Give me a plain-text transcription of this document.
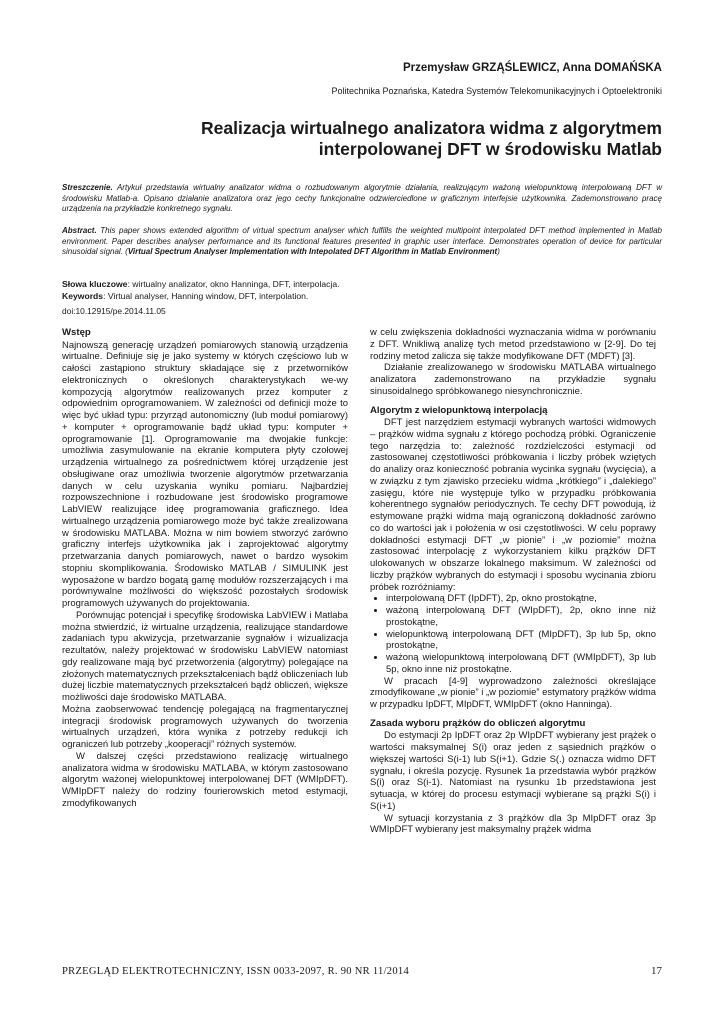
Przemysław GRZĄŚLEWICZ, Anna DOMAŃSKA
Politechnika Poznańska, Katedra Systemów Telekomunikacyjnych i Optoelektroniki
Realizacja wirtualnego analizatora widma z algorytmem interpolowanej DFT w środowisku Matlab
Streszczenie. Artykuł przedstawia wirtualny analizator widma o rozbudowanym algorytmie działania, realizującym ważoną wielopunktową interpolowaną DFT w środowisku Matlab-a. Opisano działanie analizatora oraz jego cechy funkcjonalne odzwierciedlone w graficznym interfejsie użytkownika. Zademonstrowano pracę urządzenia na przykładzie konkretnego sygnału.
Abstract. This paper shows extended algorithm of virtual spectrum analyser which fulfills the weighted multipoint interpolated DFT method implemented in Matlab environment. Paper describes analyser performance and its functional features presented in graphic user interface. Demonstrates operation of device for particular sinusoidal signal. (Virtual Spectrum Analyser Implementation with Intepolated DFT Algorithm in Matlab Environment)
Słowa kluczowe: wirtualny analizator, okno Hanninga, DFT, interpolacja.
Keywords: Virtual analyser, Hanning window, DFT, interpolation.
doi:10.12915/pe.2014.11.05
Wstęp

Najnowszą generację urządzeń pomiarowych stanowią urządzenia wirtualne. Definiuje się je jako systemy w których częściowo lub w całości zastąpiono struktury składające się z przetworników elektronicznych o określonych charakterystykach we-wy kompozycją algorytmów realizowanych przez komputer z odpowiednim oprogramowaniem. W zależności od definicji może to więc być układ typu: przyrząd autonomiczny (lub moduł pomiarowy) + komputer + oprogramowanie bądź układ typu: komputer + oprogramowanie [1]. Oprogramowanie ma dwojakie funkcje: umożliwia zasymulowanie na ekranie komputera płyty czołowej urządzenia wirtualnego za pośrednictwem której urządzenie jest obsługiwane oraz umożliwia tworzenie algorytmów przetwarzania danych w celu uzyskania wyniku pomiaru. Najbardziej rozpowszechnione i rozbudowane jest środowisko programowe LabVIEW realizujące ideę programowania graficznego. Idea wirtualnego urządzenia pomiarowego może być także zrealizowana w środowisku MATLABA. Można w nim bowiem stworzyć zarówno graficzny interfejs użytkownika jak i zaprojektować algorytmy przetwarzania danych pomiarowych, nawet o bardzo wysokim stopniu skomplikowania. Środowisko MATLAB / SIMULINK jest wyposażone w bardzo bogatą gamę modułów rozszerzających i ma porównywalne możliwości do większość pozostałych środowisk programowych używanych do projektowania.

Porównując potencjał i specyfikę środowiska LabVIEW i Matlaba można stwierdzić, iż wirtualne urządzenia, realizujące standardowe zadaniach typu akwizycja, przetwarzanie sygnałów i wizualizacja rezultatów, należy projektować w środowisku LabVIEW natomiast gdy realizowane mają być przetworzenia (algorytmy) polegające na złożonych matematycznych przekształceniach bądź obliczeniach lub dużej liczbie matematycznych przekształceń bądź obliczeń, większe możliwości daje środowisko MATLABA.

Można zaobserwować tendencję polegającą na fragmentarycznej integracji środowisk programowych używanych do tworzenia wirtualnych urządzeń, która wynika z potrzeby redukcji ich ograniczeń lub potrzeby „kooperacji” różnych systemów.

W dalszej części przedstawiono realizację wirtualnego analizatora widma w środowisku MATLABA, w którym zastosowano algorytm ważonej wielopunktowej interpolowanej DFT (WMIpDFT). WMIpDFT należy do rodziny fourierowskich metod estymacji, zmodyfikowanych

w celu zwiększenia dokładności wyznaczania widma w porównaniu z DFT. Wnikliwą analizę tych metod przedstawiono w [2-9]. Do tej rodziny metod zalicza się także modyfikowane DFT (MDFT) [3].

Działanie zrealizowanego w środowisku MATLABA wirtualnego analizatora zademonstrowano na przykładzie sygnału sinusoidalnego spróbkowanego niesynchronicznie.

Algorytm z wielopunktową interpolacją

DFT jest narzędziem estymacji wybranych wartości widmowych – prążków widma sygnału z którego pochodzą próbki. Ograniczenie tego narzędzia to: zależność rozdzielczości estymacji od zastosowanej częstotliwości próbkowania i liczby próbek wziętych do analizy oraz konieczność pobrania wycinka sygnału (wycięcia), a w związku z tym zjawisko przecieku widma „krótkiego” i „dalekiego” zasięgu, które nie występuje tylko w przypadku próbkowania koherentnego sygnałów periodycznych. Te cechy DFT powodują, iż estymowane prążki widma mają ograniczoną dokładność zarówno co do wartości jak i położenia w osi częstotliwości. W celu poprawy dokładności estymacji DFT „w pionie” i „w poziomie” można zastosować interpolację z wykorzystaniem kilku prążków DFT ulokowanych w obszarze lokalnego maksimum. W zależności od liczby prążków wybranych do estymacji i sposobu wycinania zbioru próbek rozróżniamy:

• interpolowaną DFT (IpDFT), 2p, okno prostokątne,
• ważoną interpolowaną DFT (WIpDFT), 2p, okno inne niż prostokątne,
• wielopunktową interpolowaną DFT (MIpDFT), 3p lub 5p, okno prostokątne,
• ważoną wielopunktową interpolowaną DFT (WMIpDFT), 3p lub 5p, okno inne niż prostokątne.

W pracach [4-9] wyprowadzono zależności określające zmodyfikowane „w pionie” i „w poziomie” estymatory prążków widma w przypadku IpDFT, MIpDFT, WMIpDFT (okno Hanninga).

Zasada wyboru prążków do obliczeń algorytmu

Do estymacji 2p IpDFT oraz 2p WIpDFT wybierany jest prążek o wartości maksymalnej S(i) oraz jeden z sąsiednich prążków o większej wartości S(i-1) lub S(i+1). Gdzie S(.) oznacza widmo DFT sygnału, i określa pozycję. Rysunek 1a przedstawia wybór prążków S(i) oraz S(i-1). Natomiast na rysunku 1b przedstawiona jest sytuacja, w której do procesu estymacji wybierane są prążki S(i) i S(i+1)

W sytuacji korzystania z 3 prążków dla 3p MIpDFT oraz 3p WMIpDFT wybierany jest maksymalny prążek widma

PRZEGLĄD ELEKTROTECHNICZNY, ISSN 0033-2097, R. 90 NR 11/2014	17
